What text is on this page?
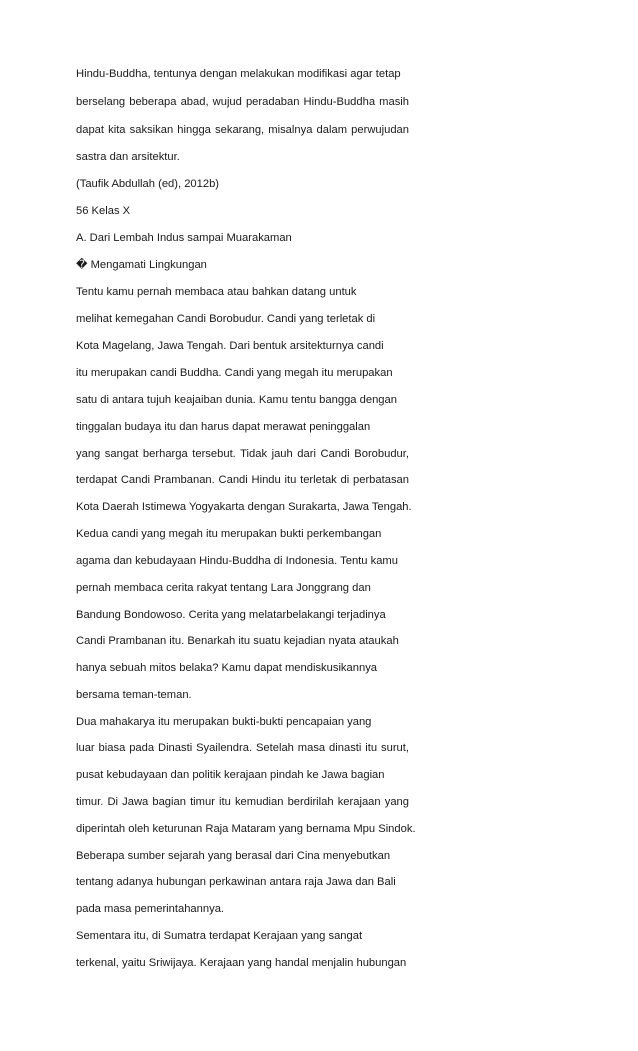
Hindu-Buddha, tentunya dengan melakukan modifikasi agar tetap
berselang beberapa abad, wujud peradaban Hindu-Buddha masih
dapat kita saksikan hingga sekarang, misalnya dalam perwujudan
sastra dan arsitektur.
(Taufik Abdullah (ed), 2012b)
56 Kelas X
A. Dari Lembah Indus sampai Muarakaman
� Mengamati Lingkungan
Tentu kamu pernah membaca atau bahkan datang untuk
melihat kemegahan Candi Borobudur. Candi yang terletak di
Kota Magelang, Jawa Tengah. Dari bentuk arsitekturnya candi
itu merupakan candi Buddha. Candi yang megah itu merupakan
satu di antara tujuh keajaiban dunia. Kamu tentu bangga dengan
tinggalan budaya itu dan harus dapat merawat peninggalan
yang sangat berharga tersebut. Tidak jauh dari Candi Borobudur,
terdapat Candi Prambanan. Candi Hindu itu terletak di perbatasan
Kota Daerah Istimewa Yogyakarta dengan Surakarta, Jawa Tengah.
Kedua candi yang megah itu merupakan bukti perkembangan
agama dan kebudayaan Hindu-Buddha di Indonesia. Tentu kamu
pernah membaca cerita rakyat tentang Lara Jonggrang dan
Bandung Bondowoso. Cerita yang melatarbelakangi terjadinya
Candi Prambanan itu. Benarkah itu suatu kejadian nyata ataukah
hanya sebuah mitos belaka? Kamu dapat mendiskusikannya
bersama teman-teman.
Dua mahakarya itu merupakan bukti-bukti pencapaian yang
luar biasa pada Dinasti Syailendra. Setelah masa dinasti itu surut,
pusat kebudayaan dan politik kerajaan pindah ke Jawa bagian
timur. Di Jawa bagian timur itu kemudian berdirilah kerajaan yang
diperintah oleh keturunan Raja Mataram yang bernama Mpu Sindok.
Beberapa sumber sejarah yang berasal dari Cina menyebutkan
tentang adanya hubungan perkawinan antara raja Jawa dan Bali
pada masa pemerintahannya.
Sementara itu, di Sumatra terdapat Kerajaan yang sangat
terkenal, yaitu Sriwijaya. Kerajaan yang handal menjalin hubungan
